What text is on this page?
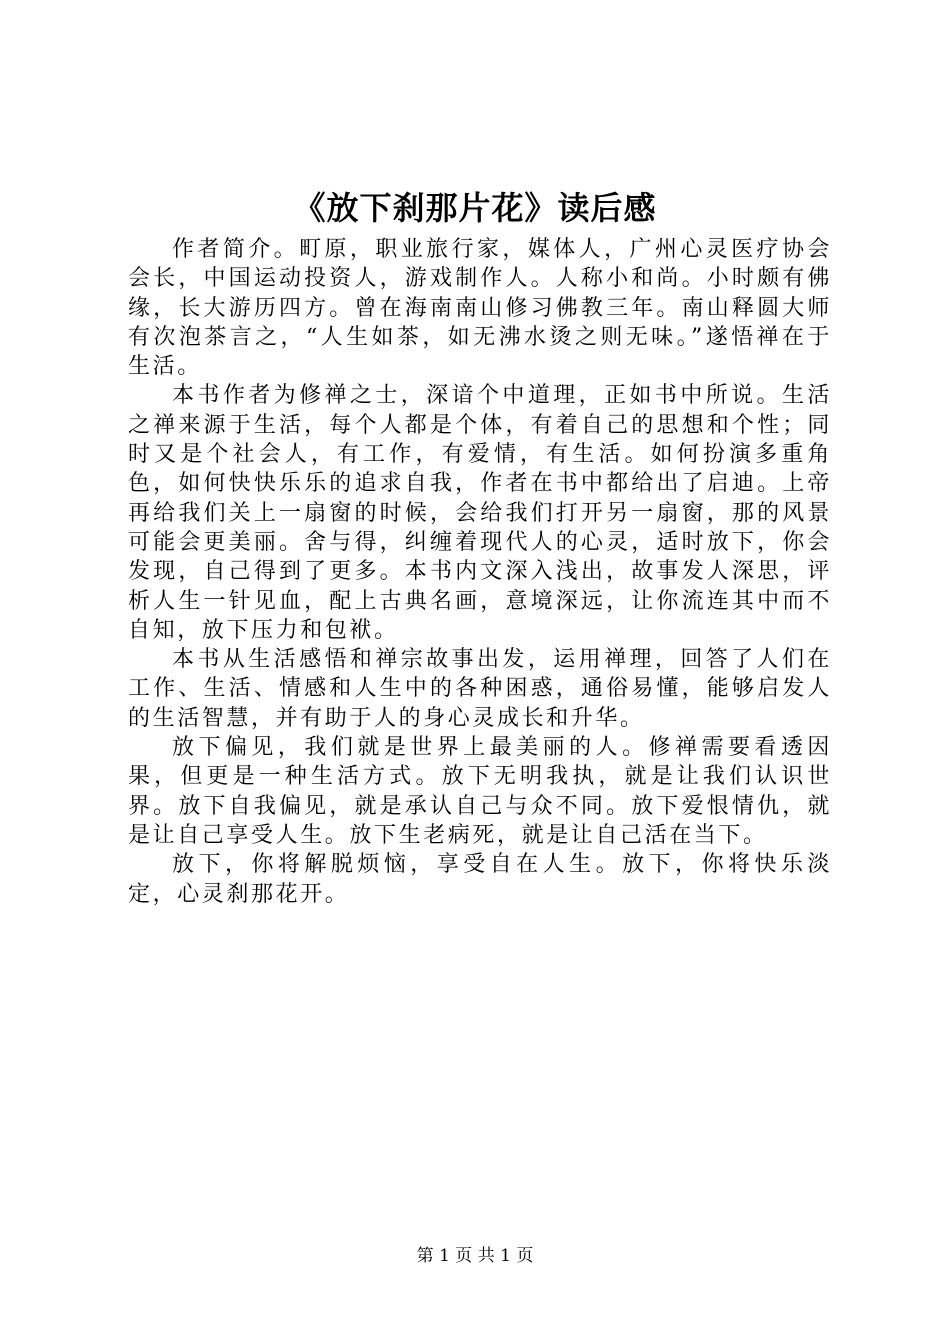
《放下刹那片花》读后感

作者简介。町原，职业旅行家，媒体人，广州心灵医疗协会会长，中国运动投资人，游戏制作人。人称小和尚。小时颇有佛缘，长大游历四方。曾在海南南山修习佛教三年。南山释圆大师有次泡茶言之，“人生如茶，如无沸水烫之则无味。”遂悟禅在于生活。

本书作者为修禅之士，深谙个中道理，正如书中所说。生活之禅来源于生活，每个人都是个体，有着自己的思想和个性；同时又是个社会人，有工作，有爱情，有生活。如何扮演多重角色，如何快快乐乐的追求自我，作者在书中都给出了启迪。上帝再给我们关上一扇窗的时候，会给我们打开另一扇窗，那的风景可能会更美丽。舍与得，纠缠着现代人的心灵，适时放下，你会发现，自己得到了更多。本书内文深入浅出，故事发人深思，评析人生一针见血，配上古典名画，意境深远，让你流连其中而不自知，放下压力和包袱。

本书从生活感悟和禅宗故事出发，运用禅理，回答了人们在工作、生活、情感和人生中的各种困惑，通俗易懂，能够启发人的生活智慧，并有助于人的身心灵成长和升华。

放下偏见，我们就是世界上最美丽的人。修禅需要看透因果，但更是一种生活方式。放下无明我执，就是让我们认识世界。放下自我偏见，就是承认自己与众不同。放下爱恨情仇，就是让自己享受人生。放下生老病死，就是让自己活在当下。

放下，你将解脱烦恼，享受自在人生。放下，你将快乐淡定，心灵刹那花开。

第 1 页 共 1 页
